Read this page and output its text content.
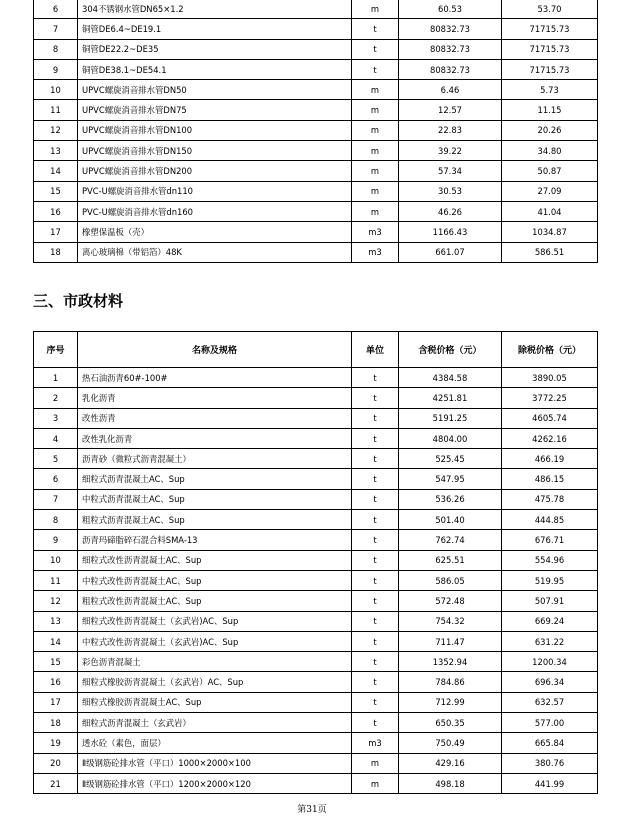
6	304不锈钢水管DN65×1.2	m	60.53	53.70
7	铜管DE6.4~DE19.1	t	80832.73	71715.73
8	铜管DE22.2~DE35	t	80832.73	71715.73
9	铜管DE38.1~DE54.1	t	80832.73	71715.73
10	UPVC螺旋消音排水管DN50	m	6.46	5.73
11	UPVC螺旋消音排水管DN75	m	12.57	11.15
12	UPVC螺旋消音排水管DN100	m	22.83	20.26
13	UPVC螺旋消音排水管DN150	m	39.22	34.80
14	UPVC螺旋消音排水管DN200	m	57.34	50.87
15	PVC-U螺旋消音排水管dn110	m	30.53	27.09
16	PVC-U螺旋消音排水管dn160	m	46.26	41.04
17	橡塑保温板（壳）	m3	1166.43	1034.87
18	离心玻璃棉（带铝箔）48K	m3	661.07	586.51
三、市政材料
序号	名称及规格	单位	含税价格（元）	除税价格（元）
1	热石油沥青60#-100#	t	4384.58	3890.05
2	乳化沥青	t	4251.81	3772.25
3	改性沥青	t	5191.25	4605.74
4	改性乳化沥青	t	4804.00	4262.16
5	沥青砂（微粒式沥青混凝土）	t	525.45	466.19
6	细粒式沥青混凝土AC、Sup	t	547.95	486.15
7	中粒式沥青混凝土AC、Sup	t	536.26	475.78
8	粗粒式沥青混凝土AC、Sup	t	501.40	444.85
9	沥青玛碲脂碎石混合料SMA-13	t	762.74	676.71
10	细粒式改性沥青混凝土AC、Sup	t	625.51	554.96
11	中粒式改性沥青混凝土AC、Sup	t	586.05	519.95
12	粗粒式改性沥青混凝土AC、Sup	t	572.48	507.91
13	细粒式改性沥青混凝土（玄武岩)AC、Sup	t	754.32	669.24
14	中粒式改性沥青混凝土（玄武岩)AC、Sup	t	711.47	631.22
15	彩色沥青混凝土	t	1352.94	1200.34
16	细粒式橡胶沥青混凝土（玄武岩）AC、Sup	t	784.86	696.34
17	细粒式橡胶沥青混凝土AC、Sup	t	712.99	632.57
18	细粒式沥青混凝土（玄武岩）	t	650.35	577.00
19	透水砼（素色，面层）	m3	750.49	665.84
20	Ⅱ级钢筋砼排水管（平口）1000×2000×100	m	429.16	380.76
21	Ⅱ级钢筋砼排水管（平口）1200×2000×120	m	498.18	441.99
第31页
